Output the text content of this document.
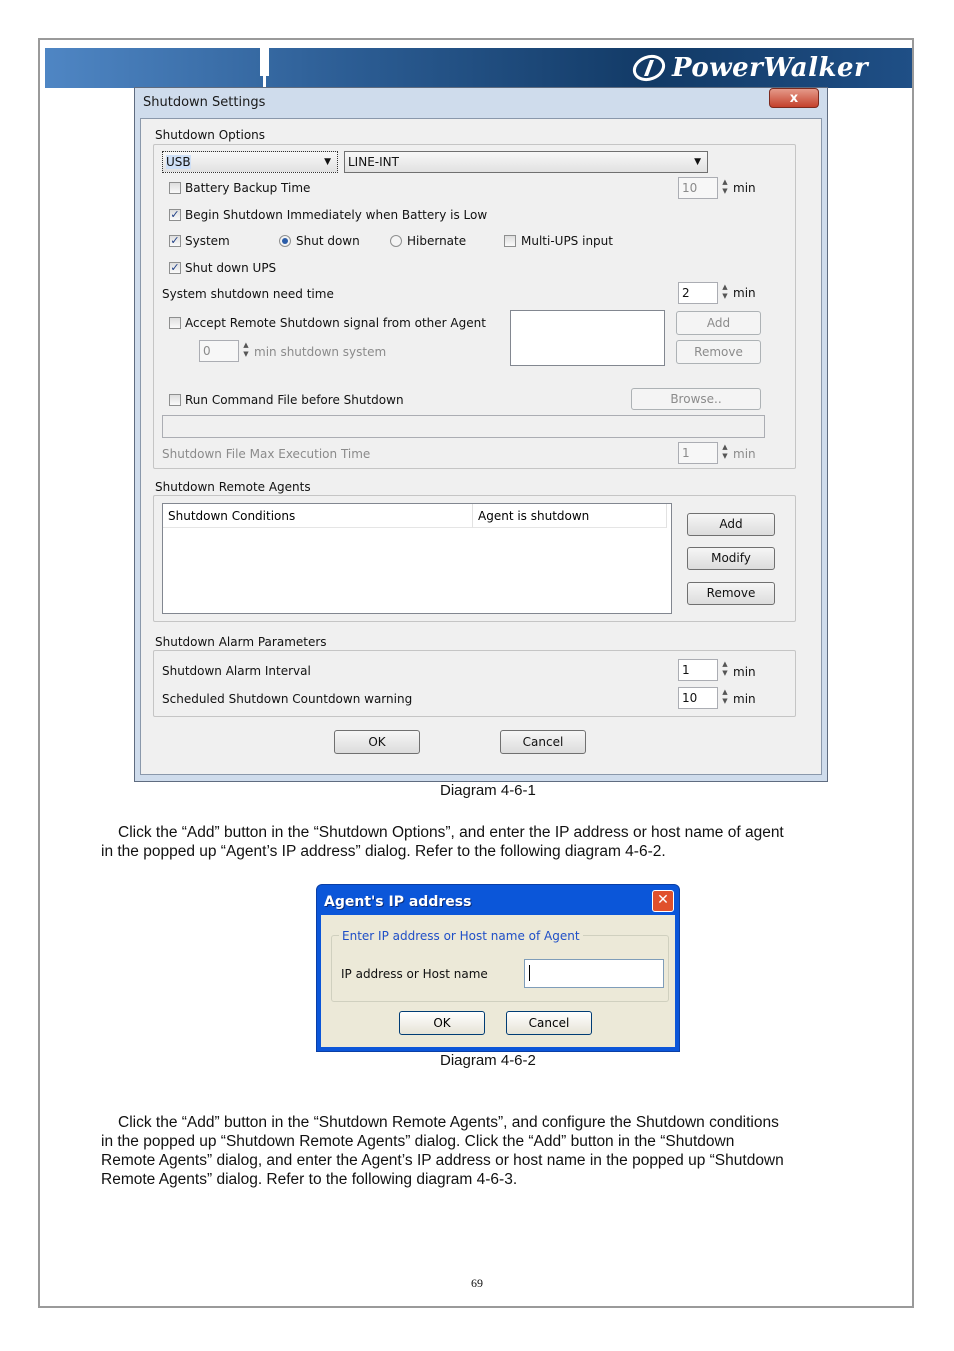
PowerWalker
Shutdown Settings	x
Shutdown Options
USB	▼	LINE-INT	▼
Battery Backup Time	10	▲
▼ min
✓ Begin Shutdown Immediately when Battery is Low
✓ System	Shut down	Hibernate	Multi-UPS input
✓ Shut down UPS
System shutdown need time	2	▲
▼ min
Accept Remote Shutdown signal from other Agent	Add
Remove
0	▲
▼ min shutdown system
Run Command File before Shutdown	Browse..
Shutdown File Max Execution Time	1	▲
▼ min
Shutdown Remote Agents
Shutdown Conditions	Agent is shutdown
Add
Modify
Remove
Shutdown Alarm Parameters
Shutdown Alarm Interval	1	▲
▼ min
Scheduled Shutdown Countdown warning	10	▲
▼ min
OK	Cancel
Diagram 4-6-1
Click the “Add” button in the “Shutdown Options”, and enter the IP address or host name of agent
in the popped up “Agent’s IP address” dialog. Refer to the following diagram 4-6-2.
Agent's IP address	✕
Enter IP address or Host name of Agent
IP address or Host name
OK	Cancel
Diagram 4-6-2
Click the “Add” button in the “Shutdown Remote Agents”, and configure the Shutdown conditions
in the popped up “Shutdown Remote Agents” dialog. Click the “Add” button in the “Shutdown
Remote Agents” dialog, and enter the Agent’s IP address or host name in the popped up “Shutdown
Remote Agents” dialog. Refer to the following diagram 4-6-3.
69
